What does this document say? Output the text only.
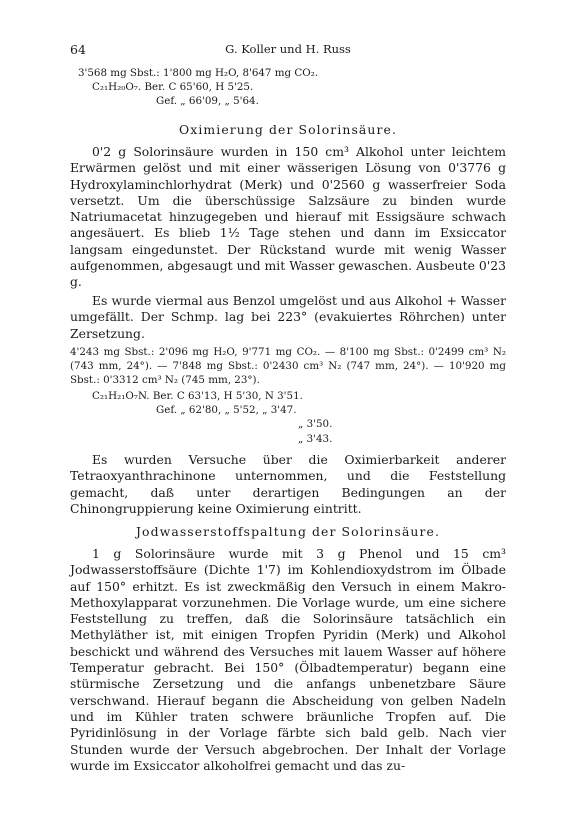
64	G. Koller und H. Russ
3'568 mg Sbst.: 1'800 mg H₂O, 8'647 mg CO₂.
C₂₁H₂₀O₇. Ber. C 65'60, H 5'25.
Gef. „ 66'09, „ 5'64.
Oximierung der Solorinsäure.
0'2 g Solorinsäure wurden in 150 cm³ Alkohol unter leichtem Erwärmen gelöst und mit einer wässerigen Lösung von 0'3776 g Hydroxylaminchlorhydrat (Merk) und 0'2560 g wasserfreier Soda versetzt. Um die überschüssige Salzsäure zu binden wurde Natriumacetat hinzugegeben und hierauf mit Essigsäure schwach angesäuert. Es blieb 1½ Tage stehen und dann im Exsiccator langsam eingedunstet. Der Rückstand wurde mit wenig Wasser aufgenommen, abgesaugt und mit Wasser gewaschen. Ausbeute 0'23 g.
Es wurde viermal aus Benzol umgelöst und aus Alkohol + Wasser umgefällt. Der Schmp. lag bei 223° (evakuiertes Röhrchen) unter Zersetzung.
4'243 mg Sbst.: 2'096 mg H₂O, 9'771 mg CO₂. — 8'100 mg Sbst.: 0'2499 cm³ N₂ (743 mm, 24°). — 7'848 mg Sbst.: 0'2430 cm³ N₂ (747 mm, 24°). — 10'920 mg Sbst.: 0'3312 cm³ N₂ (745 mm, 23°).
C₂₁H₂₁O₇N. Ber. C 63'13, H 5'30, N 3'51.
Gef. „ 62'80, „ 5'52, „ 3'47.
„ 3'50.
„ 3'43.
Es wurden Versuche über die Oximierbarkeit anderer Tetraoxyanthrachinone unternommen, und die Feststellung gemacht, daß unter derartigen Bedingungen an der Chinongruppierung keine Oximierung eintritt.
Jodwasserstoffspaltung der Solorinsäure.
1 g Solorinsäure wurde mit 3 g Phenol und 15 cm³ Jodwasserstoffsäure (Dichte 1'7) im Kohlendioxydstrom im Ölbade auf 150° erhitzt. Es ist zweckmäßig den Versuch in einem Makro-Methoxylapparat vorzunehmen. Die Vorlage wurde, um eine sichere Feststellung zu treffen, daß die Solorinsäure tatsächlich ein Methyläther ist, mit einigen Tropfen Pyridin (Merk) und Alkohol beschickt und während des Versuches mit lauem Wasser auf höhere Temperatur gebracht. Bei 150° (Ölbadtemperatur) begann eine stürmische Zersetzung und die anfangs unbenetzbare Säure verschwand. Hierauf begann die Abscheidung von gelben Nadeln und im Kühler traten schwere bräunliche Tropfen auf. Die Pyridinlösung in der Vorlage färbte sich bald gelb. Nach vier Stunden wurde der Versuch abgebrochen. Der Inhalt der Vorlage wurde im Exsiccator alkoholfrei gemacht und das zu-
